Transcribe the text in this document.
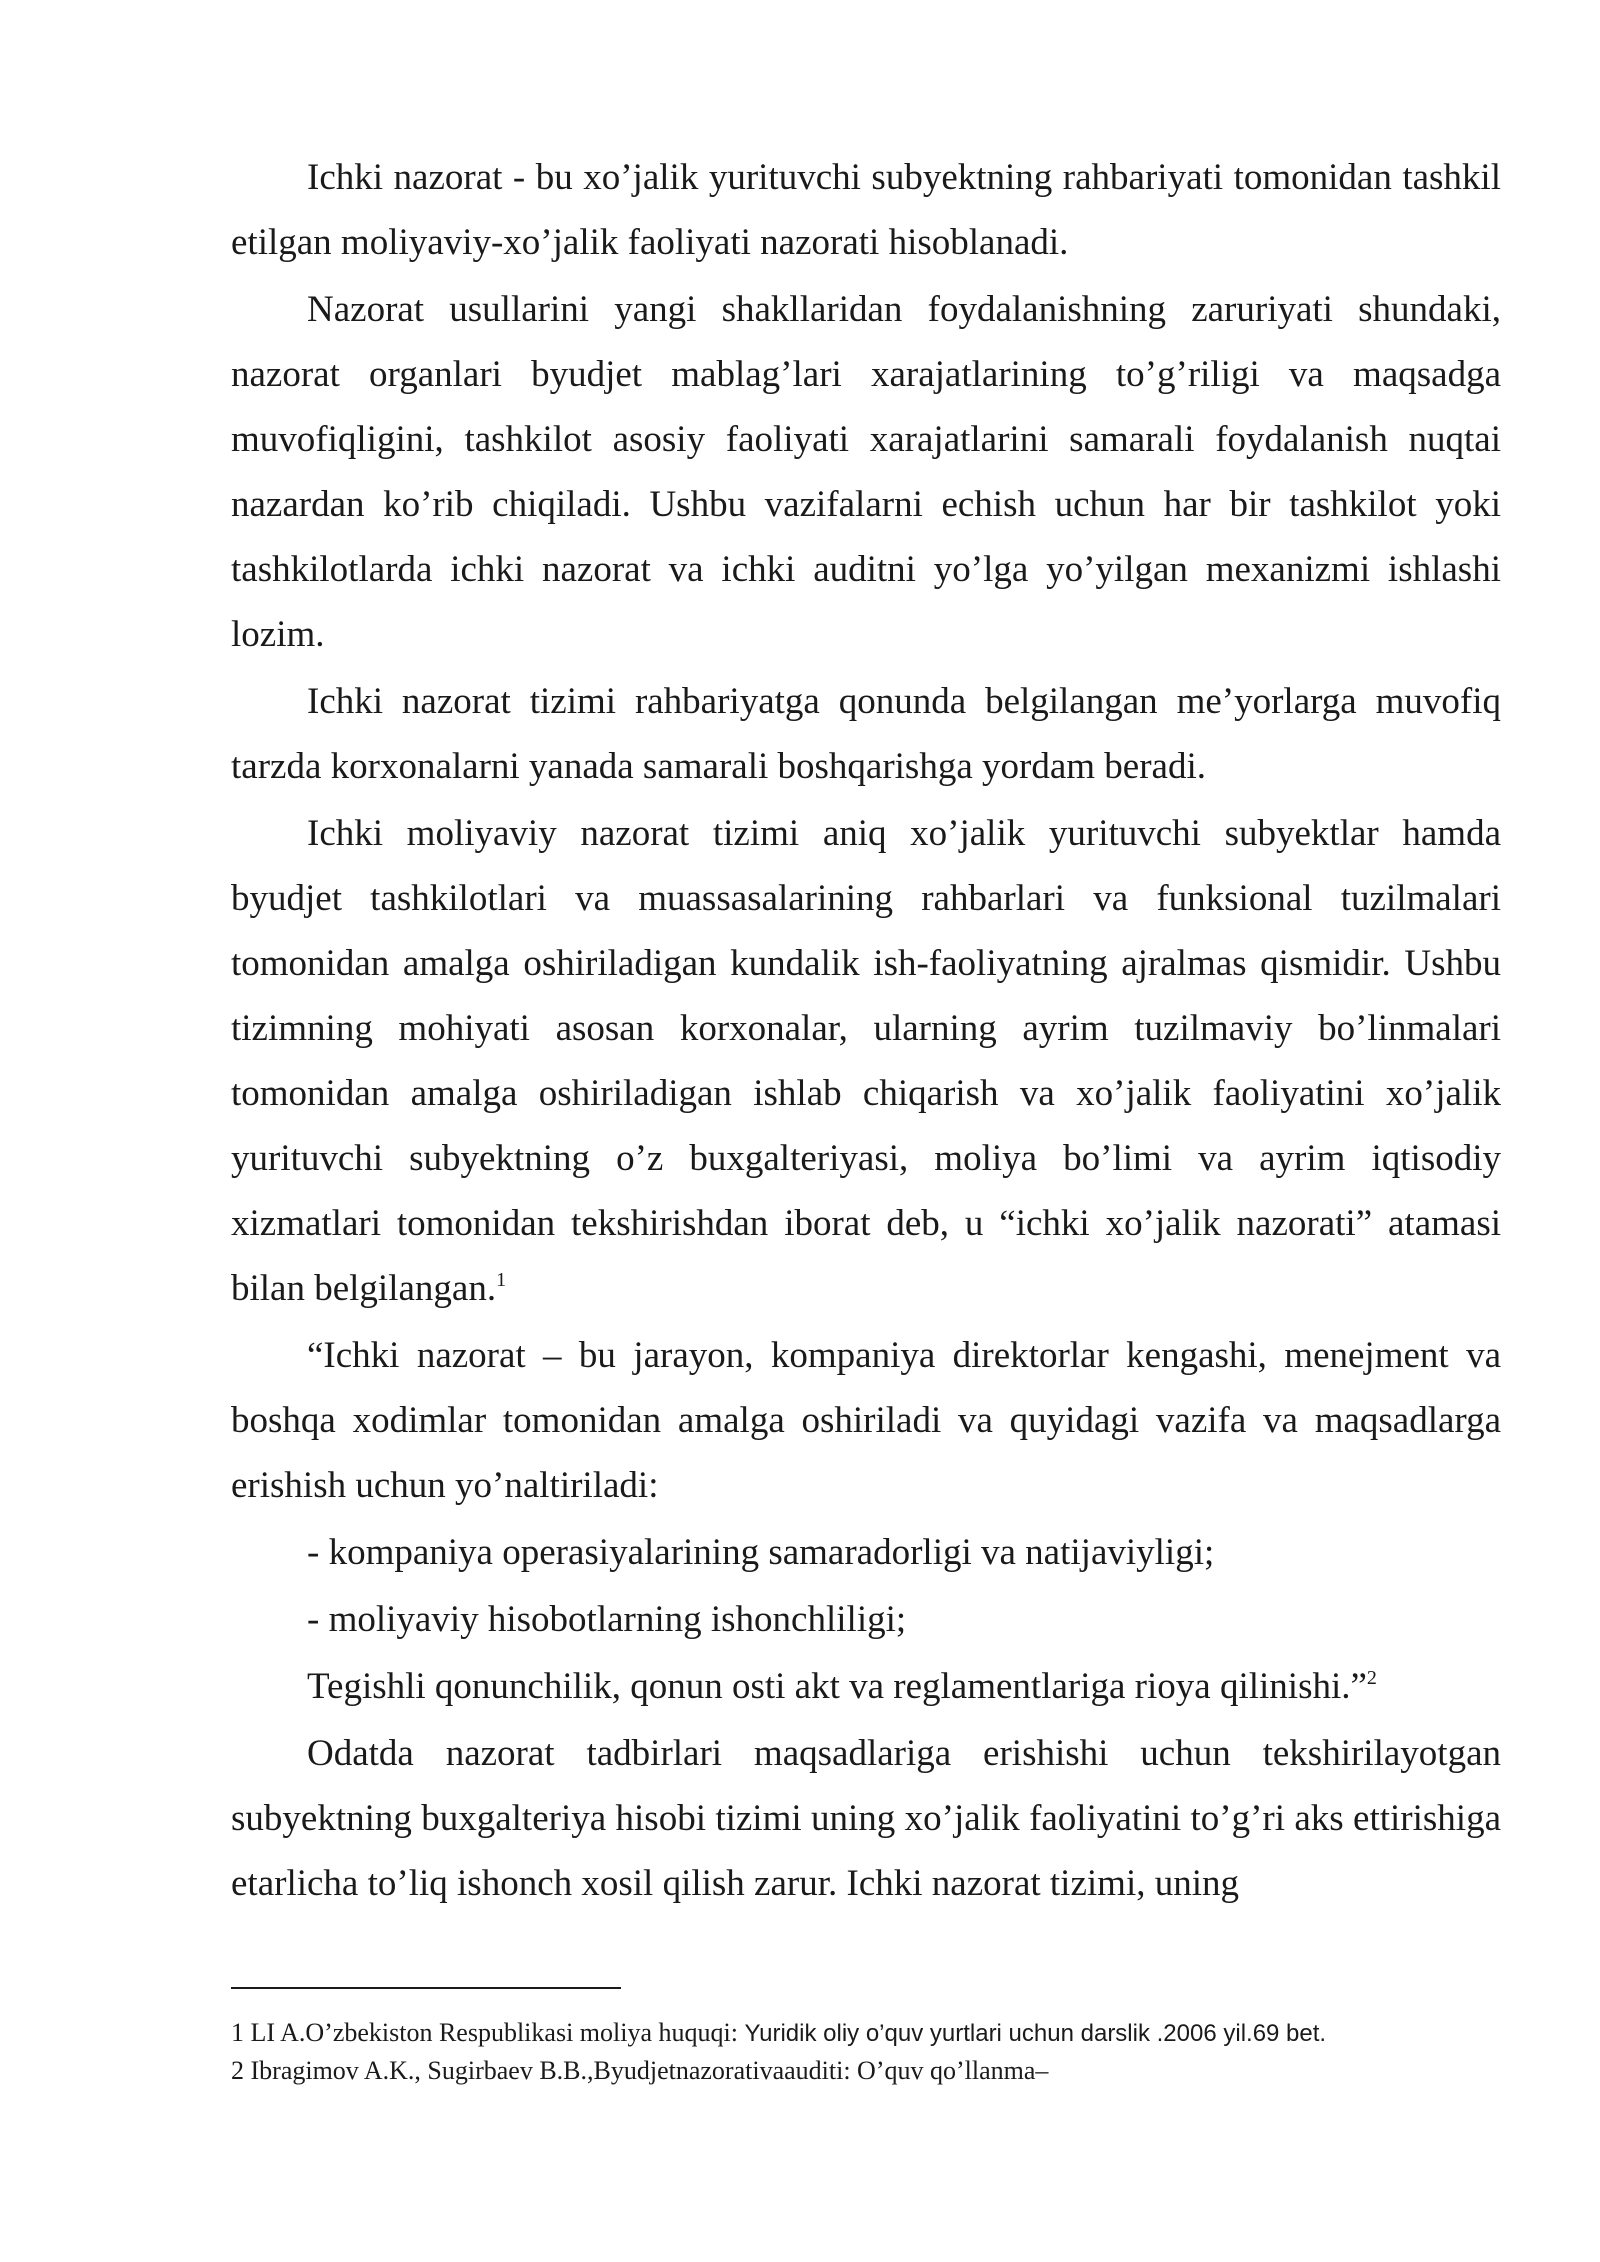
Ichki nazorat - bu xo’jalik yurituvchi subyektning rahbariyati tomonidan tashkil etilgan moliyaviy-xo’jalik faoliyati nazorati hisoblanadi.

Nazorat usullarini yangi shakllaridan foydalanishning zaruriyati shundaki, nazorat organlari byudjet mablag’lari xarajatlarining to’g’riligi va maqsadga muvofiqligini, tashkilot asosiy faoliyati xarajatlarini samarali foydalanish nuqtai nazardan ko’rib chiqiladi. Ushbu vazifalarni echish uchun har bir tashkilot yoki tashkilotlarda ichki nazorat va ichki auditni yo’lga yo’yilgan mexanizmi ishlashi lozim.

Ichki nazorat tizimi rahbariyatga qonunda belgilangan me’yorlarga muvofiq tarzda korxonalarni yanada samarali boshqarishga yordam beradi.

Ichki moliyaviy nazorat tizimi aniq xo’jalik yurituvchi subyektlar hamda byudjet tashkilotlari va muassasalarining rahbarlari va funksional tuzilmalari tomonidan amalga oshiriladigan kundalik ish-faoliyatning ajralmas qismidir. Ushbu tizimning mohiyati asosan korxonalar, ularning ayrim tuzilmaviy bo’linmalari tomonidan amalga oshiriladigan ishlab chiqarish va xo’jalik faoliyatini xo’jalik yurituvchi subyektning o’z buxgalteriyasi, moliya bo’limi va ayrim iqtisodiy xizmatlari tomonidan tekshirishdan iborat deb, u “ichki xo’jalik nazorati” atamasi bilan belgilangan.$^1$

“Ichki nazorat – bu jarayon, kompaniya direktorlar kengashi, menejment va boshqa xodimlar tomonidan amalga oshiriladi va quyidagi vazifa va maqsadlarga erishish uchun yo’naltiriladi:

- kompaniya operasiyalarining samaradorligi va natijaviyligi;

- moliyaviy hisobotlarning ishonchliligi;

Tegishli qonunchilik, qonun osti akt va reglamentlariga rioya qilinishi.”$^2$

Odatda nazorat tadbirlari maqsadlariga erishishi uchun tekshirilayotgan subyektning buxgalteriya hisobi tizimi uning xo’jalik faoliyatini to’g’ri aks ettirishiga etarlicha to’liq ishonch xosil qilish zarur. Ichki nazorat tizimi, uning

1 LI A.O’zbekiston Respublikasi moliya huquqi: Yuridik oliy o’quv yurtlari uchun darslik .2006 yil.69 bet.

2 Ibragimov A.K., Sugirbaev B.B.,Byudjetnazorativaauditi: O’quv qo’llanma–
